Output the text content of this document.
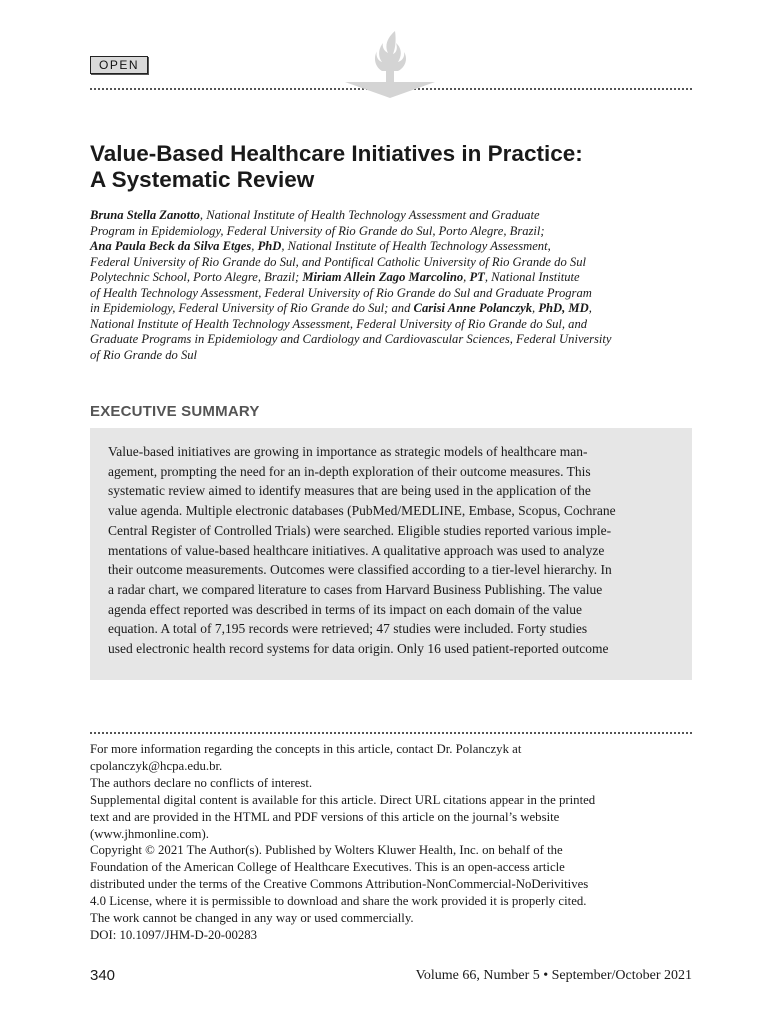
OPEN
Value-Based Healthcare Initiatives in Practice:
A Systematic Review
Bruna Stella Zanotto, National Institute of Health Technology Assessment and Graduate
Program in Epidemiology, Federal University of Rio Grande do Sul, Porto Alegre, Brazil;
Ana Paula Beck da Silva Etges, PhD, National Institute of Health Technology Assessment,
Federal University of Rio Grande do Sul, and Pontifical Catholic University of Rio Grande do Sul
Polytechnic School, Porto Alegre, Brazil; Miriam Allein Zago Marcolino, PT, National Institute
of Health Technology Assessment, Federal University of Rio Grande do Sul and Graduate Program
in Epidemiology, Federal University of Rio Grande do Sul; and Carisi Anne Polanczyk, PhD, MD,
National Institute of Health Technology Assessment, Federal University of Rio Grande do Sul, and
Graduate Programs in Epidemiology and Cardiology and Cardiovascular Sciences, Federal University
of Rio Grande do Sul
EXECUTIVE SUMMARY
Value-based initiatives are growing in importance as strategic models of healthcare man-
agement, prompting the need for an in-depth exploration of their outcome measures. This
systematic review aimed to identify measures that are being used in the application of the
value agenda. Multiple electronic databases (PubMed/MEDLINE, Embase, Scopus, Cochrane
Central Register of Controlled Trials) were searched. Eligible studies reported various imple-
mentations of value-based healthcare initiatives. A qualitative approach was used to analyze
their outcome measurements. Outcomes were classified according to a tier-level hierarchy. In
a radar chart, we compared literature to cases from Harvard Business Publishing. The value
agenda effect reported was described in terms of its impact on each domain of the value
equation. A total of 7,195 records were retrieved; 47 studies were included. Forty studies
used electronic health record systems for data origin. Only 16 used patient-reported outcome
For more information regarding the concepts in this article, contact Dr. Polanczyk at
cpolanczyk@hcpa.edu.br.
The authors declare no conflicts of interest.
Supplemental digital content is available for this article. Direct URL citations appear in the printed
text and are provided in the HTML and PDF versions of this article on the journal’s website
(www.jhmonline.com).
Copyright © 2021 The Author(s). Published by Wolters Kluwer Health, Inc. on behalf of the
Foundation of the American College of Healthcare Executives. This is an open-access article
distributed under the terms of the Creative Commons Attribution-NonCommercial-NoDerivitives
4.0 License, where it is permissible to download and share the work provided it is properly cited.
The work cannot be changed in any way or used commercially.
DOI: 10.1097/JHM-D-20-00283
340	Volume 66, Number 5 • September/October 2021
